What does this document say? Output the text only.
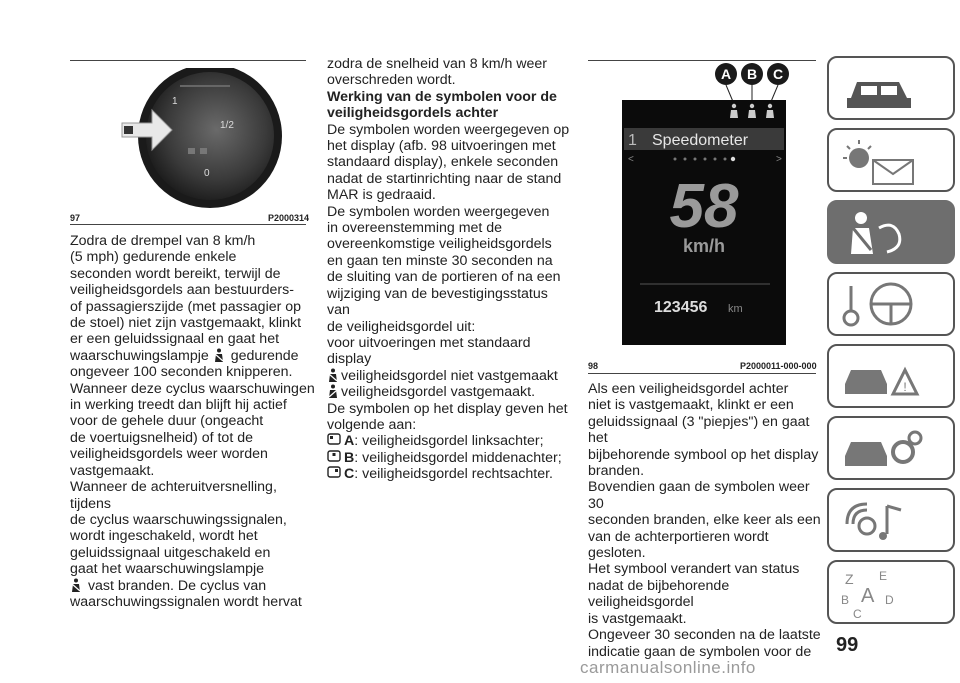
1
1/2
0
97	P2000314

Zodra de drempel van 8 km/h

(5 mph) gedurende enkele

seconden wordt bereikt, terwijl de

veiligheidsgordels aan bestuurders-

of passagierszijde (met passagier op

de stoel) niet zijn vastgemaakt, klinkt

er een geluidssignaal en gaat het

waarschuwingslampje gedurende

ongeveer 100 seconden knipperen.

Wanneer deze cyclus waarschuwingen

in werking treedt dan blijft hij actief

voor de gehele duur (ongeacht

de voertuigsnelheid) of tot de

veiligheidsgordels weer worden

vastgemaakt.

Wanneer de achteruitversnelling, tijdens

de cyclus waarschuwingssignalen,

wordt ingeschakeld, wordt het

geluidssignaal uitgeschakeld en

gaat het waarschuwingslampje

vast branden. De cyclus van

waarschuwingssignalen wordt hervat

zodra de snelheid van 8 km/h weer

overschreden wordt.

Werking van de symbolen voor de

veiligheidsgordels achter

De symbolen worden weergegeven op

het display (afb. 98 uitvoeringen met

standaard display), enkele seconden

nadat de startinrichting naar de stand

MAR is gedraaid.

De symbolen worden weergegeven

in overeenstemming met de

overeenkomstige veiligheidsgordels

en gaan ten minste 30 seconden na

de sluiting van de portieren of na een

wijziging van de bevestigingsstatus van

de veiligheidsgordel uit:

voor uitvoeringen met standaard

display

veiligheidsgordel niet vastgemaakt

veiligheidsgordel vastgemaakt.

De symbolen op het display geven het

volgende aan:

A : veiligheidsgordel linksachter;
B : veiligheidsgordel middenachter;
C : veiligheidsgordel rechtsachter.
A B C
1 Speedometer
<	>
58
km/h
123456 km
98	P2000011-000-000

Als een veiligheidsgordel achter

niet is vastgemaakt, klinkt er een

geluidssignaal (3 "piepjes") en gaat het

bijbehorende symbool op het display

branden.

Bovendien gaan de symbolen weer 30

seconden branden, elke keer als een

van de achterportieren wordt gesloten.

Het symbool verandert van status

nadat de bijbehorende veiligheidsgordel

is vastgemaakt.

Ongeveer 30 seconden na de laatste

indicatie gaan de symbolen voor de

!
Z E
B A D
C
99
carmanualsonline.info
